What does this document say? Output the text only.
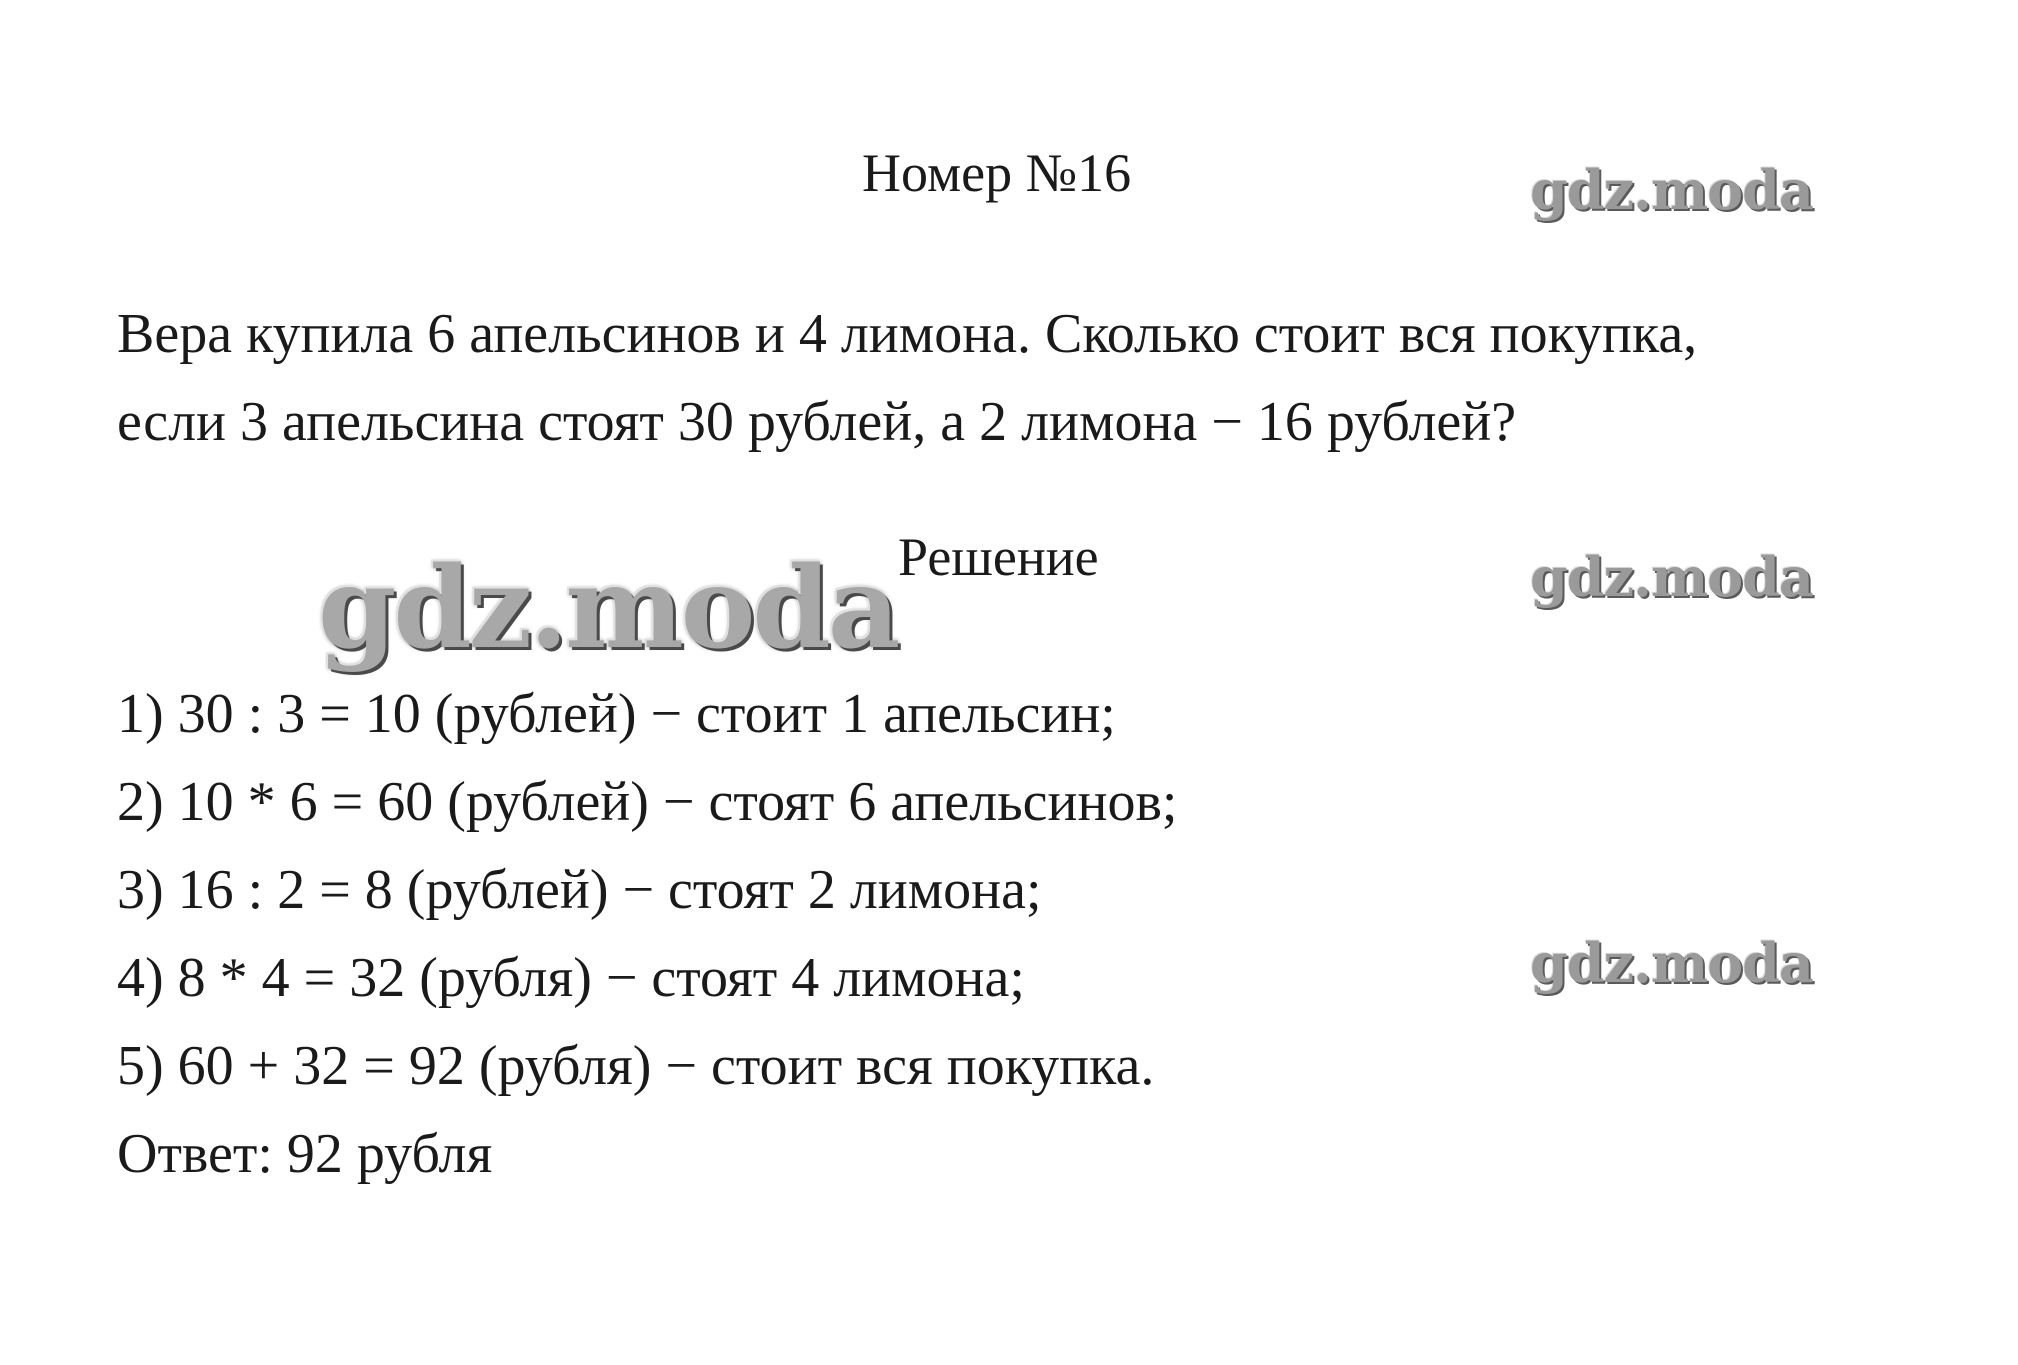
Номер №16	gdz.moda
Вера купила 6 апельсинов и 4 лимона. Сколько стоит вся покупка,
если 3 апельсина стоят 30 рублей, а 2 лимона − 16 рублей?
Решение	gdz.moda
gdz.moda
1) 30 : 3 = 10 (рублей) − стоит 1 апельсин;
2) 10 * 6 = 60 (рублей) − стоят 6 апельсинов;
3) 16 : 2 = 8 (рублей) − стоят 2 лимона;
4) 8 * 4 = 32 (рубля) − стоят 4 лимона;
5) 60 + 32 = 92 (рубля) − стоит вся покупка.
gdz.moda
Ответ: 92 рубля
